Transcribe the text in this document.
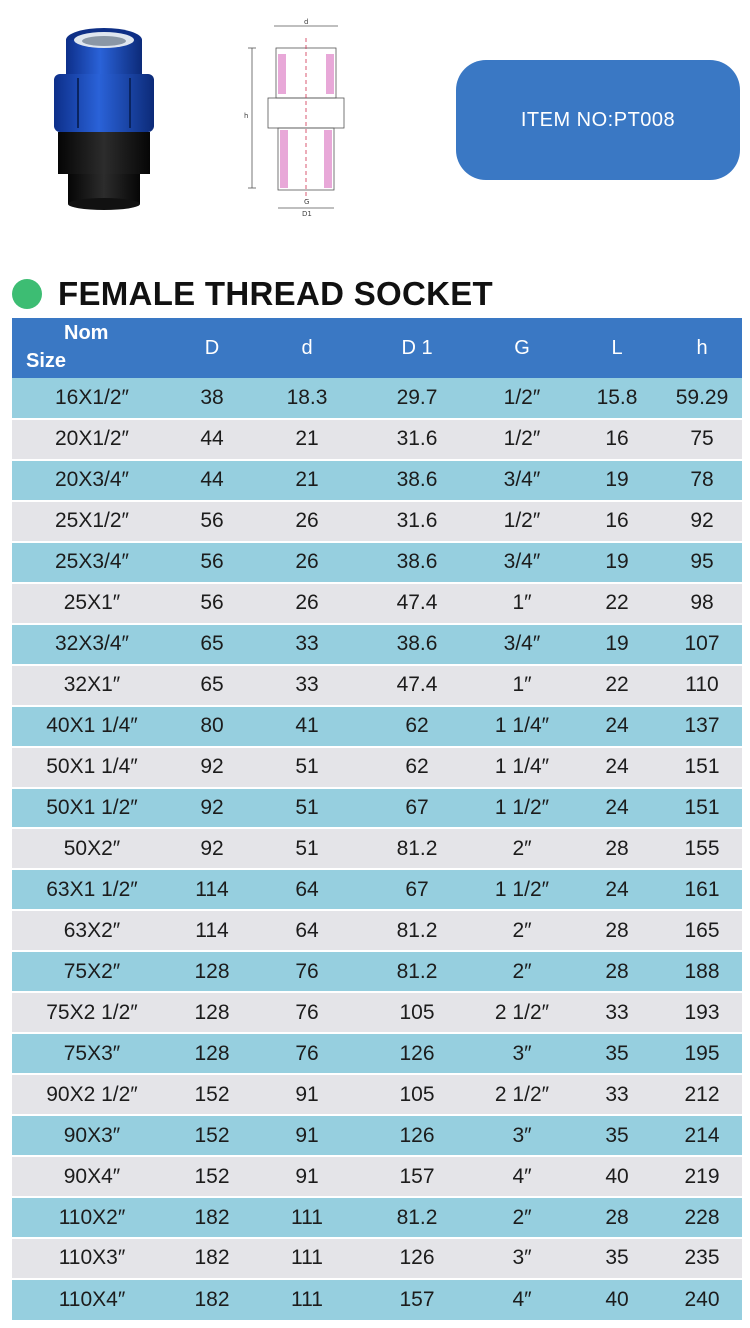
d
D1
h
G
ITEM NO:PT008
FEMALE THREAD SOCKET
Nom
Size	D	d	D 1	G	L	h
16X1/2″	38	18.3	29.7	1/2″	15.8	59.29
20X1/2″	44	21	31.6	1/2″	16	75
20X3/4″	44	21	38.6	3/4″	19	78
25X1/2″	56	26	31.6	1/2″	16	92
25X3/4″	56	26	38.6	3/4″	19	95
25X1″	56	26	47.4	1″	22	98
32X3/4″	65	33	38.6	3/4″	19	107
32X1″	65	33	47.4	1″	22	110
40X1 1/4″	80	41	62	1 1/4″	24	137
50X1 1/4″	92	51	62	1 1/4″	24	151
50X1 1/2″	92	51	67	1 1/2″	24	151
50X2″	92	51	81.2	2″	28	155
63X1 1/2″	114	64	67	1 1/2″	24	161
63X2″	114	64	81.2	2″	28	165
75X2″	128	76	81.2	2″	28	188
75X2 1/2″	128	76	105	2 1/2″	33	193
75X3″	128	76	126	3″	35	195
90X2 1/2″	152	91	105	2 1/2″	33	212
90X3″	152	91	126	3″	35	214
90X4″	152	91	157	4″	40	219
110X2″	182	111	81.2	2″	28	228
110X3″	182	111	126	3″	35	235
110X4″	182	111	157	4″	40	240
